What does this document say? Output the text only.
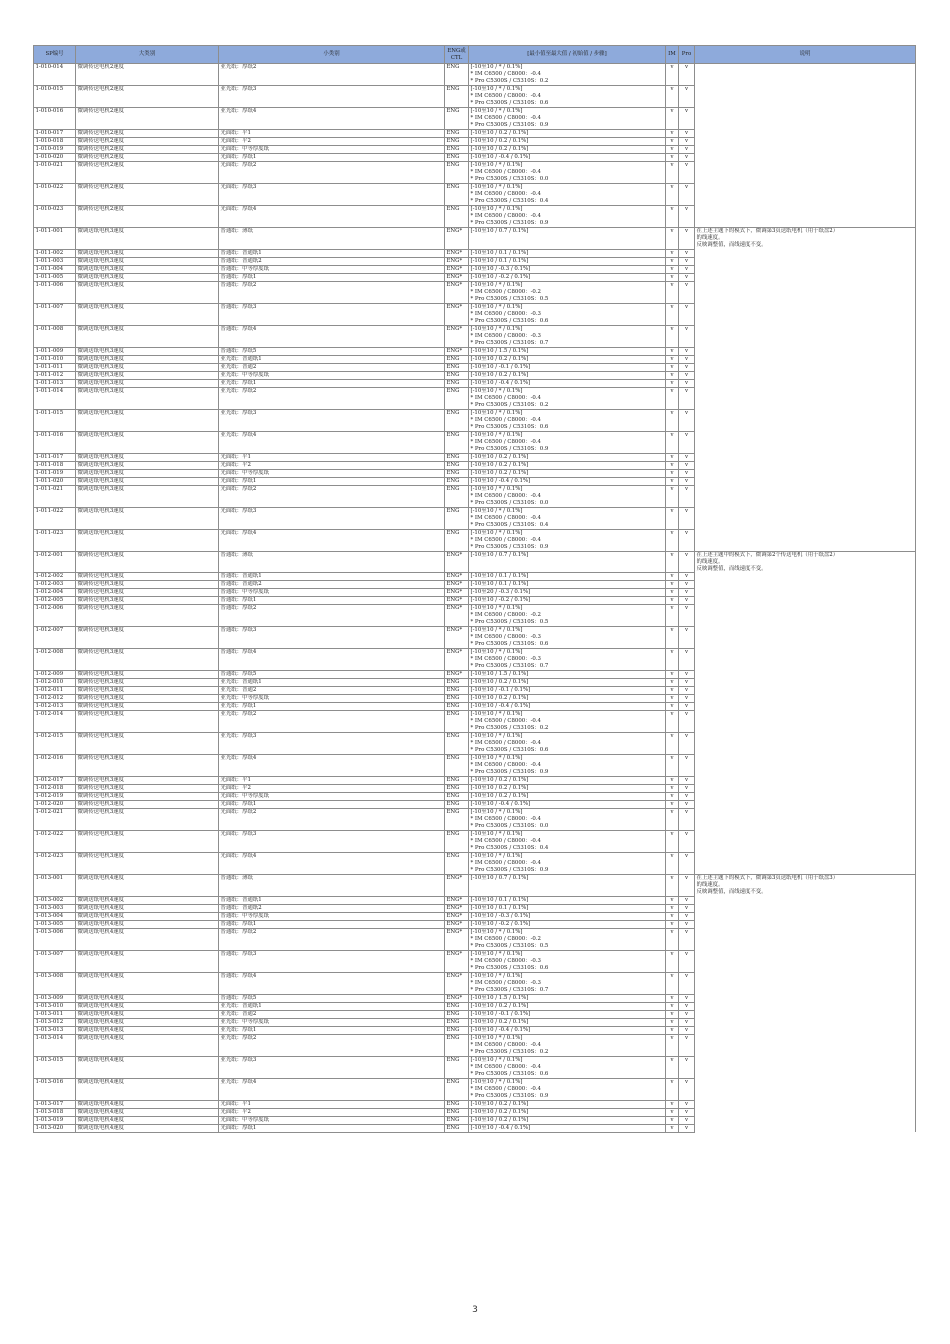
SP编号	大类别	小类别	ENG或CTL	[最小值至最大值 / 初始值 / 步骤]	IM	Pro	说明
1-010-014	微调传送电机2速度	亚光纸：厚纸2	ENG	[-10至10 / * / 0.1%]
* IM C6500 / C8000：-0.4
* Pro C5300S / C5310S：0.2	v	v	
1-010-015	微调传送电机2速度	亚光纸：厚纸3	ENG	[-10至10 / * / 0.1%]
* IM C6500 / C8000：-0.4
* Pro C5300S / C5310S：0.6	v	v	
1-010-016	微调传送电机2速度	亚光纸：厚纸4	ENG	[-10至10 / * / 0.1%]
* IM C6500 / C8000：-0.4
* Pro C5300S / C5310S：0.9	v	v	
1-010-017	微调传送电机2速度	光面纸：平1	ENG	[-10至10 / 0.2 / 0.1%]	v	v	
1-010-018	微调传送电机2速度	光面纸：平2	ENG	[-10至10 / 0.2 / 0.1%]	v	v	
1-010-019	微调传送电机2速度	光面纸：中等厚度纸	ENG	[-10至10 / 0.2 / 0.1%]	v	v	
1-010-020	微调传送电机2速度	光面纸：厚纸1	ENG	[-10至10 / -0.4 / 0.1%]	v	v	
1-010-021	微调传送电机2速度	光面纸：厚纸2	ENG	[-10至10 / * / 0.1%]
* IM C6500 / C8000：-0.4
* Pro C5300S / C5310S：0.0	v	v	
1-010-022	微调传送电机2速度	光面纸：厚纸3	ENG	[-10至10 / * / 0.1%]
* IM C6500 / C8000：-0.4
* Pro C5300S / C5310S：0.4	v	v	
1-010-023	微调传送电机2速度	光面纸：厚纸4	ENG	[-10至10 / * / 0.1%]
* IM C6500 / C8000：-0.4
* Pro C5300S / C5310S：0.9	v	v	
1-011-001	微调送纸电机3速度	普通纸：薄纸	ENG*	[-10至10 / 0.7 / 0.1%]	v	v	在上述主题下的模式下，微调第3页送纸电机（用于纸盘2）
的线速度。
反映调整值，而线速度不变。

1-011-002	微调送纸电机3速度	普通纸：普通纸1	ENG*	[-10至10 / 0.1 / 0.1%]	v	v	
1-011-003	微调送纸电机3速度	普通纸：普通纸2	ENG*	[-10至10 / 0.1 / 0.1%]	v	v	
1-011-004	微调送纸电机3速度	普通纸：中等厚度纸	ENG*	[-10至10 / -0.3 / 0.1%]	v	v	
1-011-005	微调送纸电机3速度	普通纸：厚纸1	ENG*	[-10至10 / -0.2 / 0.1%]	v	v	
1-011-006	微调送纸电机3速度	普通纸：厚纸2	ENG*	[-10至10 / * / 0.1%]
* IM C6500 / C8000：-0.2
* Pro C5300S / C5310S：0.5	v	v	
1-011-007	微调送纸电机3速度	普通纸：厚纸3	ENG*	[-10至10 / * / 0.1%]
* IM C6500 / C8000：-0.3
* Pro C5300S / C5310S：0.6	v	v	
1-011-008	微调送纸电机3速度	普通纸：厚纸4	ENG*	[-10至10 / * / 0.1%]
* IM C6500 / C8000：-0.3
* Pro C5300S / C5310S：0.7	v	v	
1-011-009	微调送纸电机3速度	普通纸：厚纸5	ENG*	[-10至10 / 1.5 / 0.1%]	v	v	
1-011-010	微调送纸电机3速度	亚光纸：普通纸1	ENG	[-10至10 / 0.2 / 0.1%]	v	v	
1-011-011	微调送纸电机3速度	亚光纸：普通2	ENG	[-10至10 / -0.1 / 0.1%]	v	v	
1-011-012	微调送纸电机3速度	亚光纸：中等厚度纸	ENG	[-10至10 / 0.2 / 0.1%]	v	v	
1-011-013	微调送纸电机3速度	亚光纸：厚纸1	ENG	[-10至10 / -0.4 / 0.1%]	v	v	
1-011-014	微调送纸电机3速度	亚光纸：厚纸2	ENG	[-10至10 / * / 0.1%]
* IM C6500 / C8000：-0.4
* Pro C5300S / C5310S：0.2	v	v	
1-011-015	微调送纸电机3速度	亚光纸：厚纸3	ENG	[-10至10 / * / 0.1%]
* IM C6500 / C8000：-0.4
* Pro C5300S / C5310S：0.6	v	v	
1-011-016	微调送纸电机3速度	亚光纸：厚纸4	ENG	[-10至10 / * / 0.1%]
* IM C6500 / C8000：-0.4
* Pro C5300S / C5310S：0.9	v	v	
1-011-017	微调送纸电机3速度	光面纸：平1	ENG	[-10至10 / 0.2 / 0.1%]	v	v	
1-011-018	微调送纸电机3速度	光面纸：平2	ENG	[-10至10 / 0.2 / 0.1%]	v	v	
1-011-019	微调送纸电机3速度	光面纸：中等厚度纸	ENG	[-10至10 / 0.2 / 0.1%]	v	v	
1-011-020	微调送纸电机3速度	光面纸：厚纸1	ENG	[-10至10 / -0.4 / 0.1%]	v	v	
1-011-021	微调送纸电机3速度	光面纸：厚纸2	ENG	[-10至10 / * / 0.1%]
* IM C6500 / C8000：-0.4
* Pro C5300S / C5310S：0.0	v	v	
1-011-022	微调送纸电机3速度	光面纸：厚纸3	ENG	[-10至10 / * / 0.1%]
* IM C6500 / C8000：-0.4
* Pro C5300S / C5310S：0.4	v	v	
1-011-023	微调送纸电机3速度	光面纸：厚纸4	ENG	[-10至10 / * / 0.1%]
* IM C6500 / C8000：-0.4
* Pro C5300S / C5310S：0.9	v	v	
1-012-001	微调传送电机3速度	普通纸：薄纸	ENG*	[-10至10 / 0.7 / 0.1%]	v	v	在上述主题中的模式下，微调第2个传送电机（用于纸盘2）
的线速度。
反映调整值，而线速度不变。

1-012-002	微调传送电机3速度	普通纸：普通纸1	ENG*	[-10至10 / 0.1 / 0.1%]	v	v	
1-012-003	微调传送电机3速度	普通纸：普通纸2	ENG*	[-10至10 / 0.1 / 0.1%]	v	v	
1-012-004	微调传送电机3速度	普通纸：中等厚度纸	ENG*	[-10至20 / -0.3 / 0.1%]	v	v	
1-012-005	微调传送电机3速度	普通纸：厚纸1	ENG*	[-10至10 / -0.2 / 0.1%]	v	v	
1-012-006	微调传送电机3速度	普通纸：厚纸2	ENG*	[-10至10 / * / 0.1%]
* IM C6500 / C8000：-0.2
* Pro C5300S / C5310S：0.5	v	v	
1-012-007	微调传送电机3速度	普通纸：厚纸3	ENG*	[-10至10 / * / 0.1%]
* IM C6500 / C8000：-0.3
* Pro C5300S / C5310S：0.6	v	v	
1-012-008	微调传送电机3速度	普通纸：厚纸4	ENG*	[-10至10 / * / 0.1%]
* IM C6500 / C8000：-0.3
* Pro C5300S / C5310S：0.7	v	v	
1-012-009	微调传送电机3速度	普通纸：厚纸5	ENG*	[-10至10 / 1.5 / 0.1%]	v	v	
1-012-010	微调传送电机3速度	亚光纸：普通纸1	ENG	[-10至10 / 0.2 / 0.1%]	v	v	
1-012-011	微调传送电机3速度	亚光纸：普通2	ENG	[-10至10 / -0.1 / 0.1%]	v	v	
1-012-012	微调传送电机3速度	亚光纸：中等厚度纸	ENG	[-10至10 / 0.2 / 0.1%]	v	v	
1-012-013	微调传送电机3速度	亚光纸：厚纸1	ENG	[-10至10 / -0.4 / 0.1%]	v	v	
1-012-014	微调传送电机3速度	亚光纸：厚纸2	ENG	[-10至10 / * / 0.1%]
* IM C6500 / C8000：-0.4
* Pro C5300S / C5310S：0.2	v	v	
1-012-015	微调传送电机3速度	亚光纸：厚纸3	ENG	[-10至10 / * / 0.1%]
* IM C6500 / C8000：-0.4
* Pro C5300S / C5310S：0.6	v	v	
1-012-016	微调传送电机3速度	亚光纸：厚纸4	ENG	[-10至10 / * / 0.1%]
* IM C6500 / C8000：-0.4
* Pro C5300S / C5310S：0.9	v	v	
1-012-017	微调传送电机3速度	光面纸：平1	ENG	[-10至10 / 0.2 / 0.1%]	v	v	
1-012-018	微调传送电机3速度	光面纸：平2	ENG	[-10至10 / 0.2 / 0.1%]	v	v	
1-012-019	微调传送电机3速度	光面纸：中等厚度纸	ENG	[-10至10 / 0.2 / 0.1%]	v	v	
1-012-020	微调传送电机3速度	光面纸：厚纸1	ENG	[-10至10 / -0.4 / 0.1%]	v	v	
1-012-021	微调传送电机3速度	光面纸：厚纸2	ENG	[-10至10 / * / 0.1%]
* IM C6500 / C8000：-0.4
* Pro C5300S / C5310S：0.0	v	v	
1-012-022	微调传送电机3速度	光面纸：厚纸3	ENG	[-10至10 / * / 0.1%]
* IM C6500 / C8000：-0.4
* Pro C5300S / C5310S：0.4	v	v	
1-012-023	微调传送电机3速度	光面纸：厚纸4	ENG	[-10至10 / * / 0.1%]
* IM C6500 / C8000：-0.4
* Pro C5300S / C5310S：0.9	v	v	
1-013-001	微调送纸电机4速度	普通纸：薄纸	ENG*	[-10至10 / 0.7 / 0.1%]	v	v	在上述主题下的模式下，微调第3页送纸电机（用于纸盘3）
的线速度。
反映调整值，而线速度不变。

1-013-002	微调送纸电机4速度	普通纸：普通纸1	ENG*	[-10至10 / 0.1 / 0.1%]	v	v	
1-013-003	微调送纸电机4速度	普通纸：普通纸2	ENG*	[-10至10 / 0.1 / 0.1%]	v	v	
1-013-004	微调送纸电机4速度	普通纸：中等厚度纸	ENG*	[-10至10 / -0.3 / 0.1%]	v	v	
1-013-005	微调送纸电机4速度	普通纸：厚纸1	ENG*	[-10至10 / -0.2 / 0.1%]	v	v	
1-013-006	微调送纸电机4速度	普通纸：厚纸2	ENG*	[-10至10 / * / 0.1%]
* IM C6500 / C8000：-0.2
* Pro C5300S / C5310S：0.5	v	v	
1-013-007	微调送纸电机4速度	普通纸：厚纸3	ENG*	[-10至10 / * / 0.1%]
* IM C6500 / C8000：-0.3
* Pro C5300S / C5310S：0.6	v	v	
1-013-008	微调送纸电机4速度	普通纸：厚纸4	ENG*	[-10至10 / * / 0.1%]
* IM C6500 / C8000：-0.3
* Pro C5300S / C5310S：0.7	v	v	
1-013-009	微调送纸电机4速度	普通纸：厚纸5	ENG*	[-10至10 / 1.5 / 0.1%]	v	v	
1-013-010	微调送纸电机4速度	亚光纸：普通纸1	ENG	[-10至10 / 0.2 / 0.1%]	v	v	
1-013-011	微调送纸电机4速度	亚光纸：普通2	ENG	[-10至10 / -0.1 / 0.1%]	v	v	
1-013-012	微调送纸电机4速度	亚光纸：中等厚度纸	ENG	[-10至10 / 0.2 / 0.1%]	v	v	
1-013-013	微调送纸电机4速度	亚光纸：厚纸1	ENG	[-10至10 / -0.4 / 0.1%]	v	v	
1-013-014	微调送纸电机4速度	亚光纸：厚纸2	ENG	[-10至10 / * / 0.1%]
* IM C6500 / C8000：-0.4
* Pro C5300S / C5310S：0.2	v	v	
1-013-015	微调送纸电机4速度	亚光纸：厚纸3	ENG	[-10至10 / * / 0.1%]
* IM C6500 / C8000：-0.4
* Pro C5300S / C5310S：0.6	v	v	
1-013-016	微调送纸电机4速度	亚光纸：厚纸4	ENG	[-10至10 / * / 0.1%]
* IM C6500 / C8000：-0.4
* Pro C5300S / C5310S：0.9	v	v	
1-013-017	微调送纸电机4速度	光面纸：平1	ENG	[-10至10 / 0.2 / 0.1%]	v	v	
1-013-018	微调送纸电机4速度	光面纸：平2	ENG	[-10至10 / 0.2 / 0.1%]	v	v	
1-013-019	微调送纸电机4速度	光面纸：中等厚度纸	ENG	[-10至10 / 0.2 / 0.1%]	v	v	
1-013-020	微调送纸电机4速度	光面纸：厚纸1	ENG	[-10至10 / -0.4 / 0.1%]	v	v	
3
